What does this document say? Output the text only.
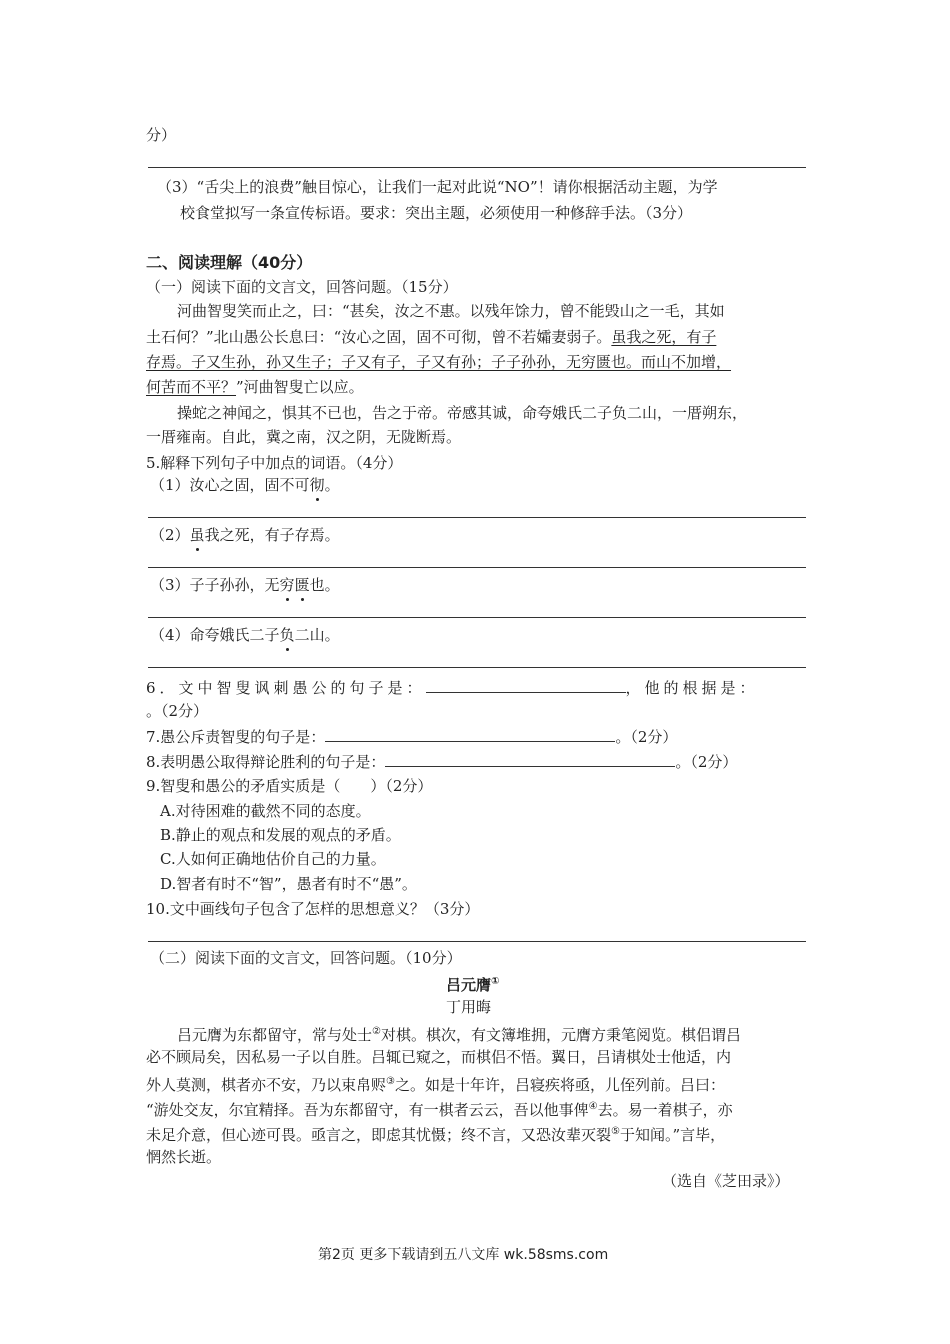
分）
（3）“舌尖上的浪费”触目惊心，让我们一起对此说“NO”！请你根据活动主题，为学
校食堂拟写一条宣传标语。要求：突出主题，必须使用一种修辞手法。（3分）
二、阅读理解（40分）
（一）阅读下面的文言文，回答问题。（15分）
河曲智叟笑而止之，曰：“甚矣，汝之不惠。以残年馀力，曾不能毁山之一毛，其如
土石何？”北山愚公长息曰：“汝心之固，固不可彻，曾不若孀妻弱子。虽我之死，有子
存焉。子又生孙，孙又生子；子又有子，子又有孙；子子孙孙，无穷匮也。而山不加增，
何苦而不平？”河曲智叟亡以应。
操蛇之神闻之，惧其不已也，告之于帝。帝感其诚，命夸娥氏二子负二山，一厝朔东，
一厝雍南。自此，冀之南，汉之阴，无陇断焉。
5.解释下列句子中加点的词语。（4分）
（1）汝心之固，固不可彻。
（2）虽我之死，有子存焉。
（3）子子孙孙，无穷匮也。
（4）命夸娥氏二子负二山。
6．文中智叟讽刺愚公的句子是：	，他的根据是：
。（2分）
7.愚公斥责智叟的句子是：	。（2分）
8.表明愚公取得辩论胜利的句子是：	。（2分）
9.智叟和愚公的矛盾实质是（　　）（2分）
A.对待困难的截然不同的态度。
B.静止的观点和发展的观点的矛盾。
C.人如何正确地估价自己的力量。
D.智者有时不“智”，愚者有时不“愚”。
10.文中画线句子包含了怎样的思想意义？（3分）
（二）阅读下面的文言文，回答问题。（10分）
吕元膺①
丁用晦
吕元膺为东都留守，常与处士②对棋。棋次，有文簿堆拥，元膺方秉笔阅览。棋侣谓吕
必不顾局矣，因私易一子以自胜。吕辄已窥之，而棋侣不悟。翼日，吕请棋处士他适，内
外人莫测，棋者亦不安，乃以束帛赆③之。如是十年许，吕寝疾将亟，儿侄列前。吕曰：
“游处交友，尔宜精择。吾为东都留守，有一棋者云云，吾以他事俾④去。易一着棋子，亦
未足介意，但心迹可畏。亟言之，即虑其忧慑；终不言，又恐汝辈灭裂⑤于知闻。”言毕，
惘然长逝。
（选自《芝田录》）
第2页 更多下载请到五八文库 wk.58sms.com
